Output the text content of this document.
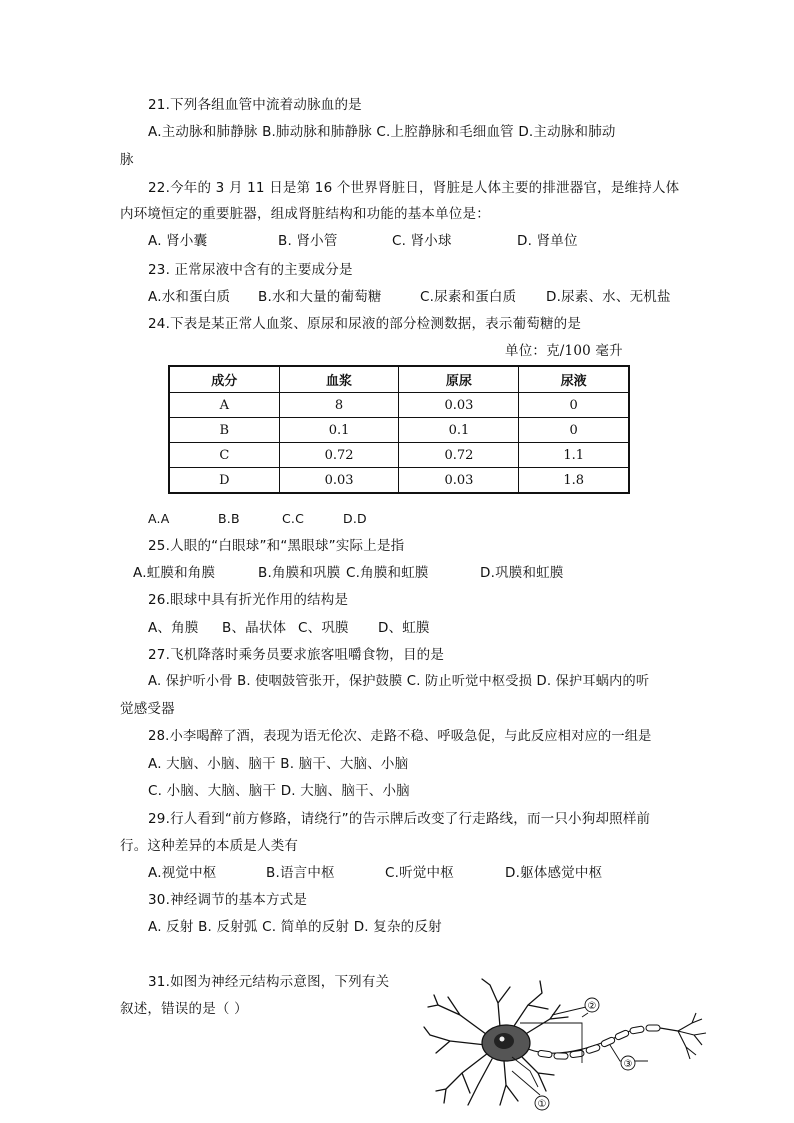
21.下列各组血管中流着动脉血的是
A.主动脉和肺静脉 B.肺动脉和肺静脉 C.上腔静脉和毛细血管 D.主动脉和肺动
脉
22.今年的 3 月 11 日是第 16 个世界肾脏日，肾脏是人体主要的排泄器官，是维持人体
内环境恒定的重要脏器，组成肾脏结构和功能的基本单位是：
A. 肾小囊	B. 肾小管	C. 肾小球	D. 肾单位
23. 正常尿液中含有的主要成分是
A.水和蛋白质 B.水和大量的葡萄糖	C.尿素和蛋白质 D.尿素、水、无机盐
24.下表是某正常人血浆、原尿和尿液的部分检测数据，表示葡萄糖的是
单位：克/100 毫升
成分	血浆	原尿	尿液
A	8	0.03	0
B	0.1	0.1	0
C	0.72	0.72	1.1
D	0.03	0.03	1.8
A.A	B.B	C.C	D.D
25.人眼的“白眼球”和“黑眼球”实际上是指
A.虹膜和角膜	B.角膜和巩膜 C.角膜和虹膜	D.巩膜和虹膜
26.眼球中具有折光作用的结构是
A、角膜 B、晶状体 C、巩膜 D、虹膜
27.飞机降落时乘务员要求旅客咀嚼食物，目的是
A. 保护听小骨 B. 使咽鼓管张开，保护鼓膜 C. 防止听觉中枢受损 D. 保护耳蜗内的听
觉感受器
28.小李喝醉了酒，表现为语无伦次、走路不稳、呼吸急促，与此反应相对应的一组是
A. 大脑、小脑、脑干 B. 脑干、大脑、小脑
C. 小脑、大脑、脑干 D. 大脑、脑干、小脑
29.行人看到“前方修路，请绕行”的告示牌后改变了行走路线，而一只小狗却照样前
行。这种差异的本质是人类有
A.视觉中枢	B.语言中枢	C.听觉中枢	D.躯体感觉中枢
30.神经调节的基本方式是
A. 反射 B. 反射弧 C. 简单的反射 D. 复杂的反射
31.如图为神经元结构示意图，下列有关
叙述，错误的是（ ）	②
③
①
